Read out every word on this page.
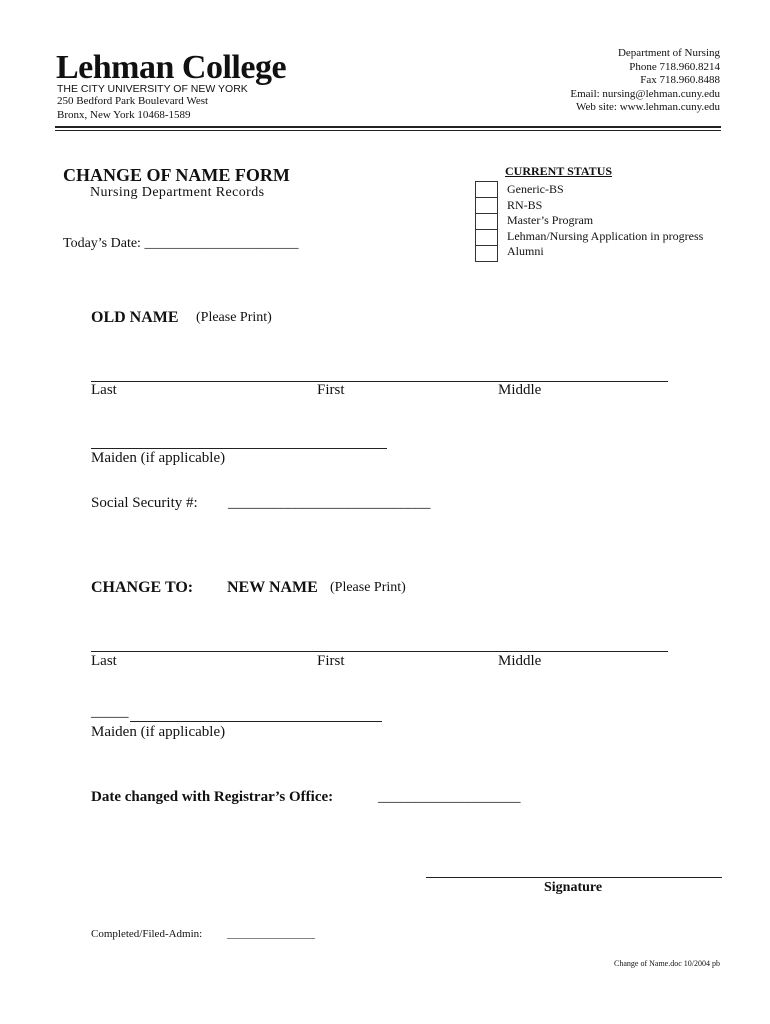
Lehman College
THE CITY UNIVERSITY OF NEW YORK
250 Bedford Park Boulevard West
Bronx, New York 10468-1589
Department of Nursing
Phone 718.960.8214
Fax 718.960.8488
Email: nursing@lehman.cuny.edu
Web site: www.lehman.cuny.edu
CHANGE OF NAME FORM
Nursing Department Records
Today’s Date: ______________________
CURRENT STATUS
Generic-BS
RN-BS
Master’s Program
Lehman/Nursing Application in progress
Alumni
OLD NAME (Please Print)
Last	First	Middle
Maiden (if applicable)
Social Security #: ___________________________
CHANGE TO: NEW NAME (Please Print)
Last	First	Middle
_____
Maiden (if applicable)
Date changed with Registrar’s Office:	___________________
Signature
Completed/Filed-Admin: ________________
Change of Name.doc 10/2004 pb
